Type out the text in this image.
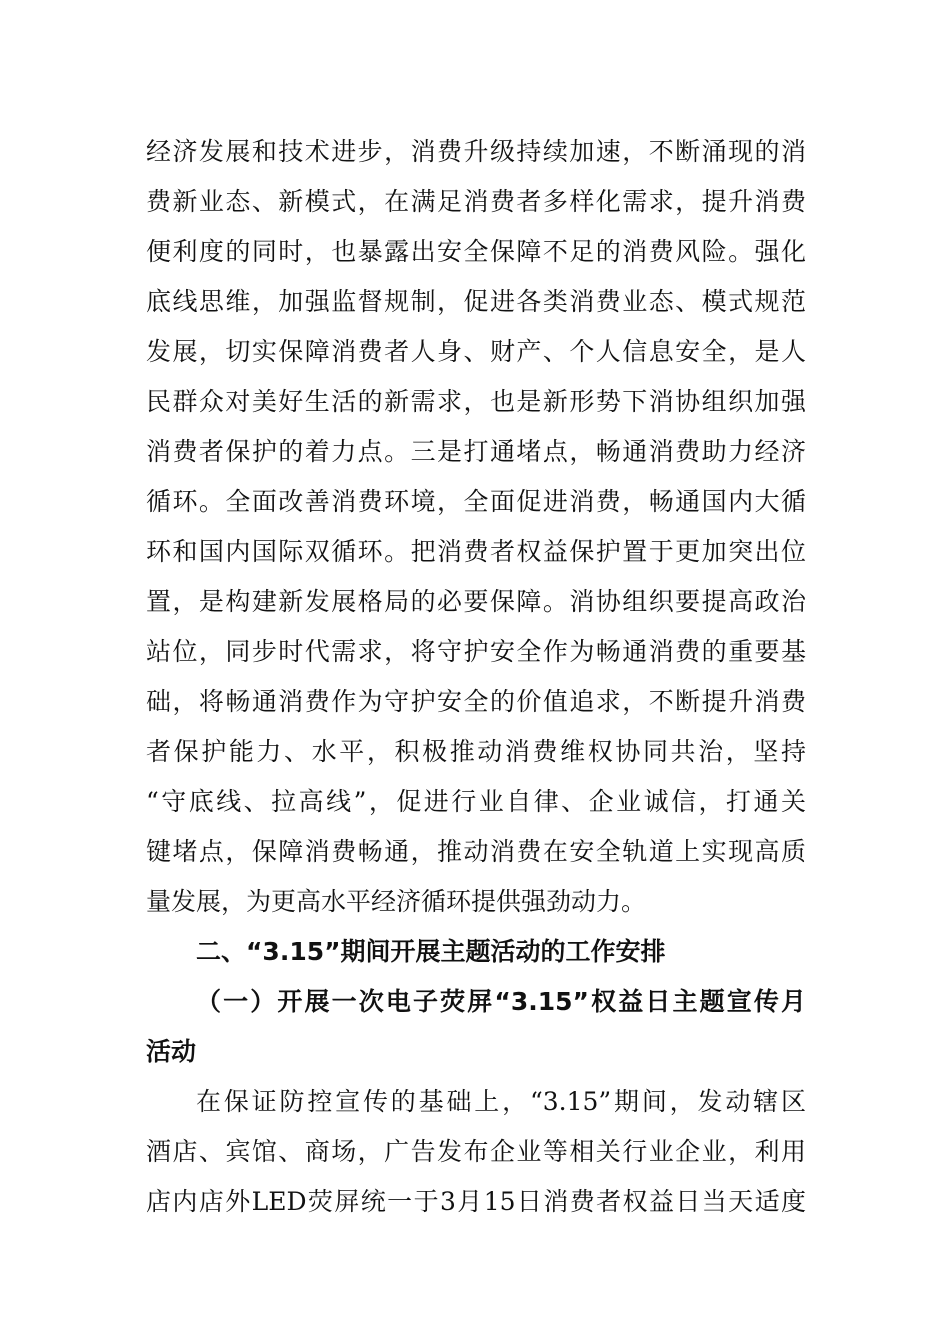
经济发展和技术进步，消费升级持续加速，不断涌现的消
费新业态、新模式，在满足消费者多样化需求，提升消费
便利度的同时，也暴露出安全保障不足的消费风险。强化
底线思维，加强监督规制，促进各类消费业态、模式规范
发展，切实保障消费者人身、财产、个人信息安全，是人
民群众对美好生活的新需求，也是新形势下消协组织加强
消费者保护的着力点。三是打通堵点，畅通消费助力经济
循环。全面改善消费环境，全面促进消费，畅通国内大循
环和国内国际双循环。把消费者权益保护置于更加突出位
置，是构建新发展格局的必要保障。消协组织要提高政治
站位，同步时代需求，将守护安全作为畅通消费的重要基
础，将畅通消费作为守护安全的价值追求，不断提升消费
者保护能力、水平，积极推动消费维权协同共治，坚持
“守底线、拉高线”，促进行业自律、企业诚信，打通关
键堵点，保障消费畅通，推动消费在安全轨道上实现高质
量发展，为更高水平经济循环提供强劲动力。
二、“3.15”期间开展主题活动的工作安排
（一）开展一次电子荧屏“3.15”权益日主题宣传月
活动
在保证防控宣传的基础上，“3.15”期间，发动辖区
酒店、宾馆、商场，广告发布企业等相关行业企业，利用
店内店外LED荧屏统一于3月15日消费者权益日当天适度
